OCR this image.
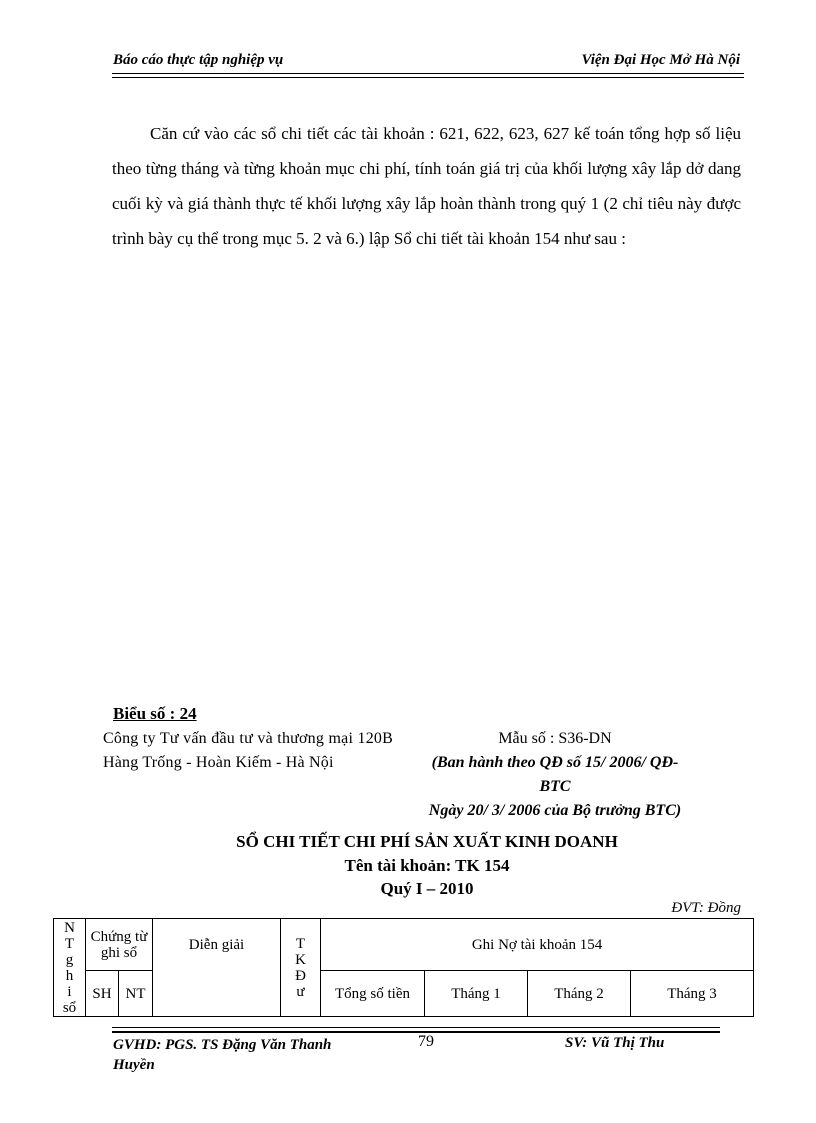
Báo cáo thực tập nghiệp vụ	Viện Đại Học Mở Hà Nội
Căn cứ vào các sổ chi tiết các tài khoản : 621, 622, 623, 627 kế toán tổng hợp số liệu theo từng tháng và từng khoản mục chi phí, tính toán giá trị của khối lượng xây lắp dở dang cuối kỳ và giá thành thực tế khối lượng xây lắp hoàn thành trong quý 1 (2 chỉ tiêu này được trình bày cụ thể trong mục 5. 2 và 6.) lập Sổ chi tiết tài khoản 154 như sau :
Biểu số : 24
Công ty Tư vấn đầu tư và thương mại 120B Hàng Trống - Hoàn Kiếm - Hà Nội
Mẫu số : S36-DN
(Ban hành theo QĐ số 15/ 2006/ QĐ-BTC
Ngày 20/ 3/ 2006 của Bộ trưởng BTC)
SỔ CHI TIẾT CHI PHÍ SẢN XUẤT KINH DOANH
Tên tài khoản: TK 154
Quý I – 2010
ĐVT: Đồng
N T gh i sổ	Chứng từ ghi sổ		Diễn giải	T K Đ ư	Ghi Nợ tài khoản 154			
	SH	NT			Tổng số tiền	Tháng 1	Tháng 2	Tháng 3
GVHD: PGS. TS Đặng Văn Thanh Huyền
79	SV: Vũ Thị Thu
